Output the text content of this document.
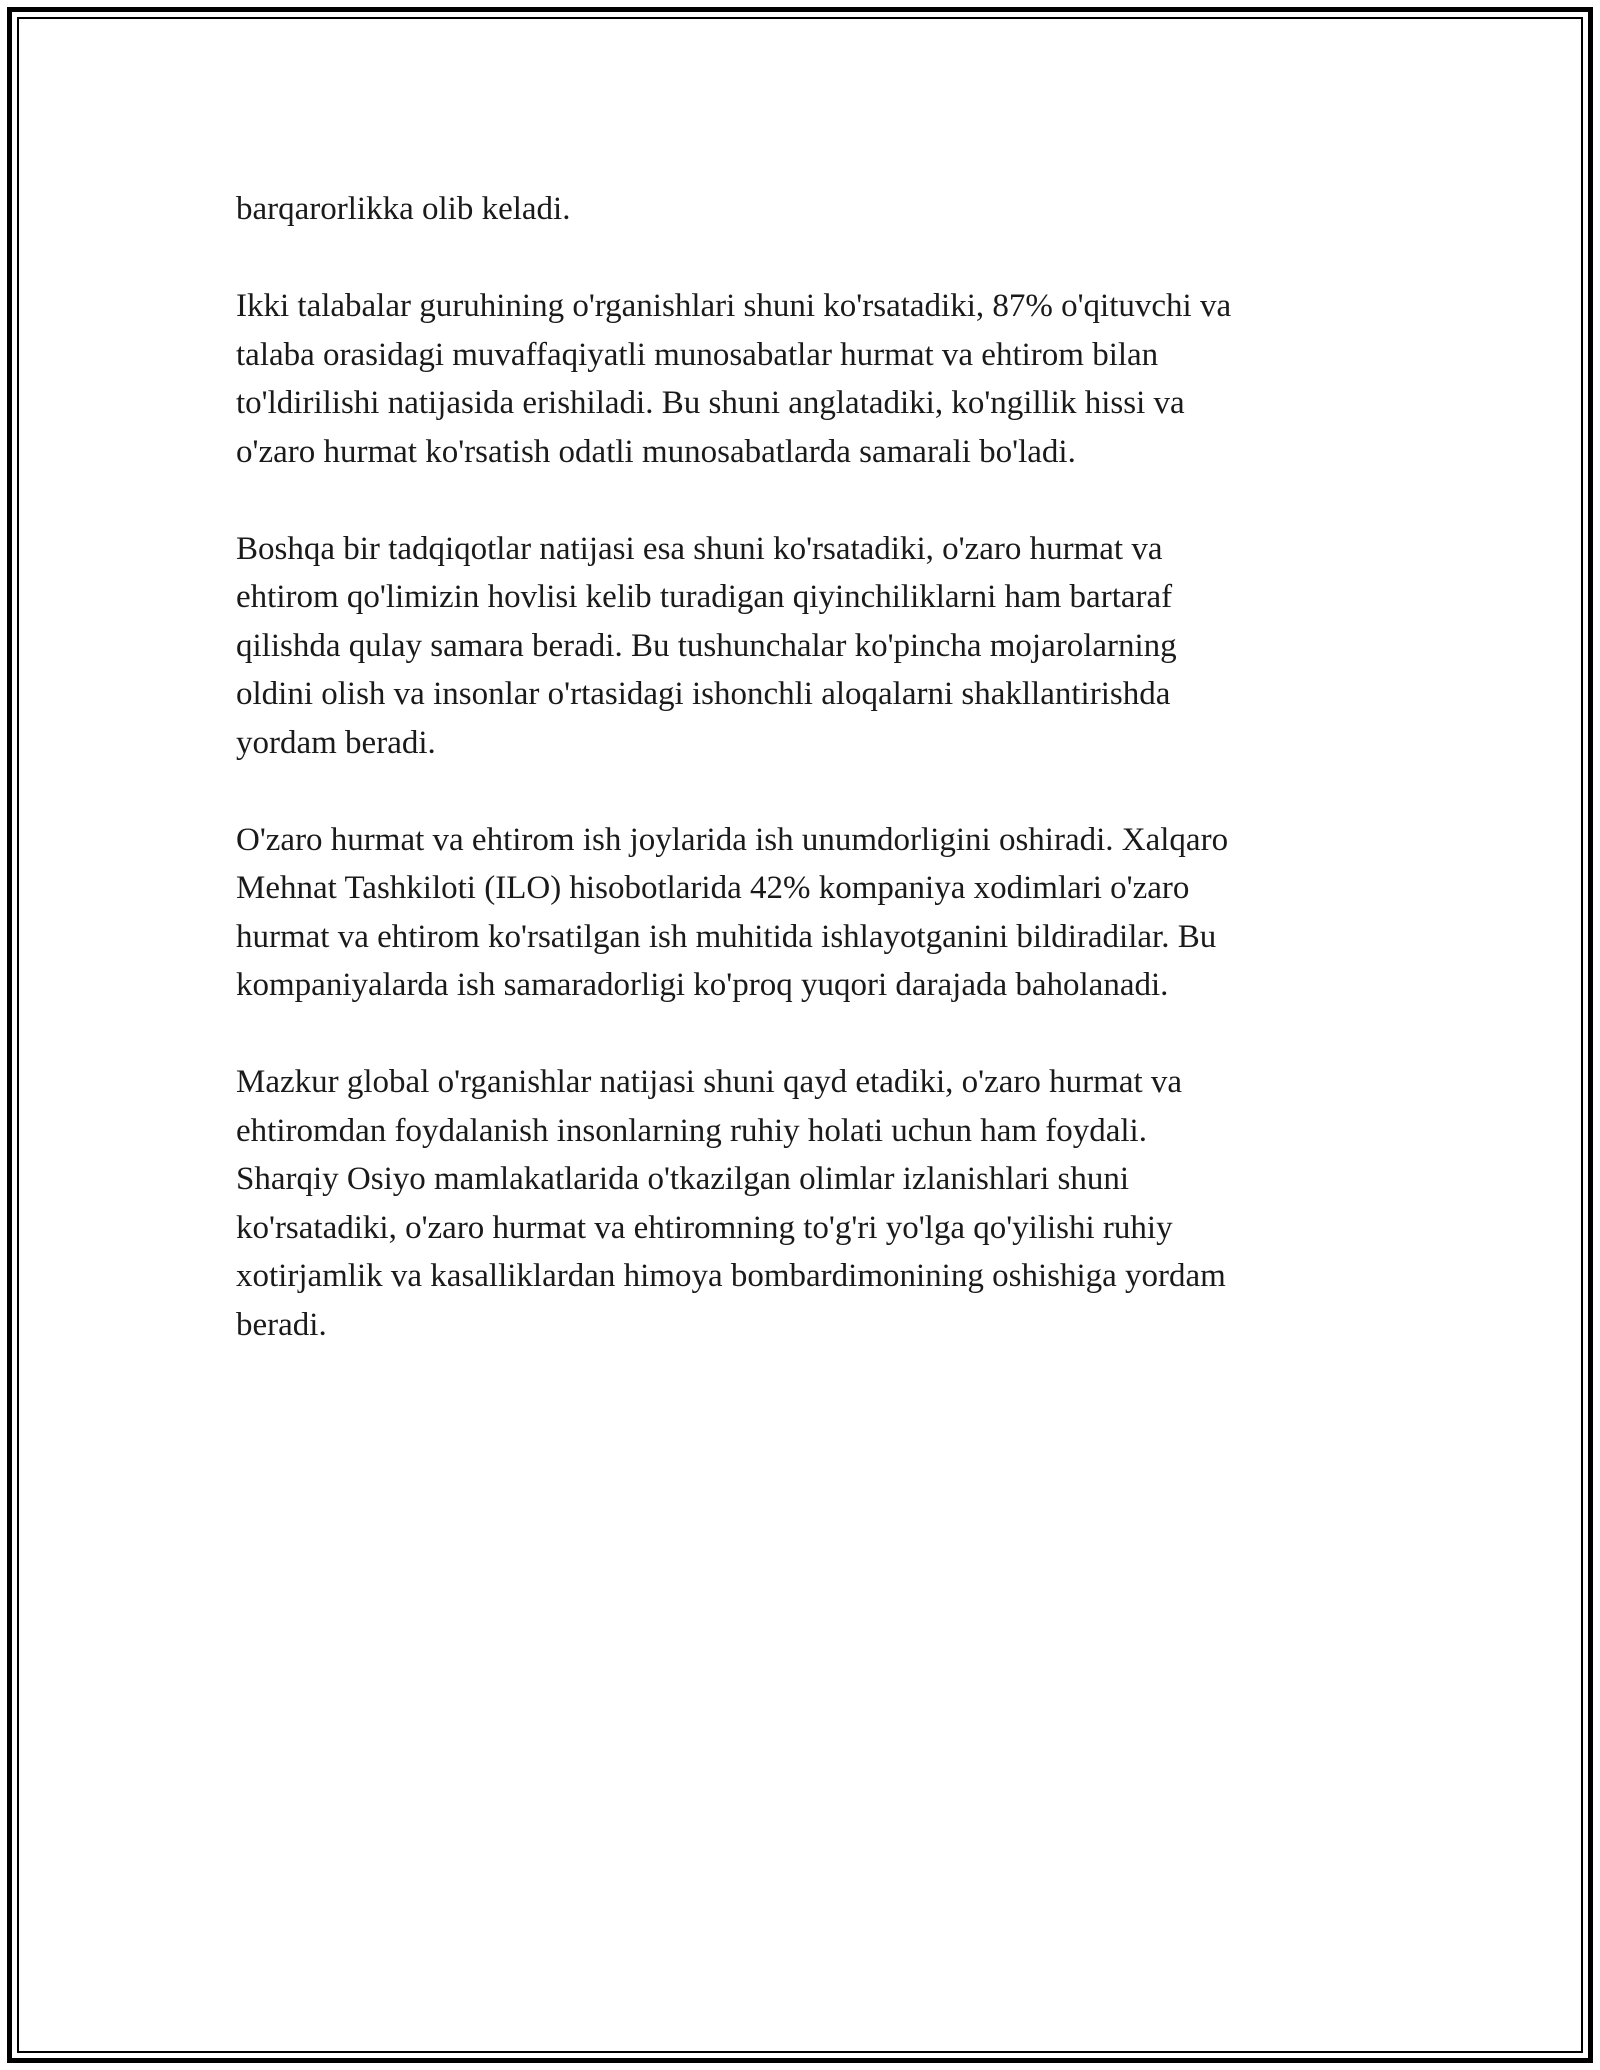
barqarorlikka olib keladi.

Ikki talabalar guruhining o'rganishlari shuni ko'rsatadiki, 87% o'qituvchi va
talaba orasidagi muvaffaqiyatli munosabatlar hurmat va ehtirom bilan
to'ldirilishi natijasida erishiladi. Bu shuni anglatadiki, ko'ngillik hissi va
o'zaro hurmat ko'rsatish odatli munosabatlarda samarali bo'ladi.

Boshqa bir tadqiqotlar natijasi esa shuni ko'rsatadiki, o'zaro hurmat va
ehtirom qo'limizin hovlisi kelib turadigan qiyinchiliklarni ham bartaraf
qilishda qulay samara beradi. Bu tushunchalar ko'pincha mojarolarning
oldini olish va insonlar o'rtasidagi ishonchli aloqalarni shakllantirishda
yordam beradi.

O'zaro hurmat va ehtirom ish joylarida ish unumdorligini oshiradi. Xalqaro
Mehnat Tashkiloti (ILO) hisobotlarida 42% kompaniya xodimlari o'zaro
hurmat va ehtirom ko'rsatilgan ish muhitida ishlayotganini bildiradilar. Bu
kompaniyalarda ish samaradorligi ko'proq yuqori darajada baholanadi.

Mazkur global o'rganishlar natijasi shuni qayd etadiki, o'zaro hurmat va
ehtiromdan foydalanish insonlarning ruhiy holati uchun ham foydali.
Sharqiy Osiyo mamlakatlarida o'tkazilgan olimlar izlanishlari shuni
ko'rsatadiki, o'zaro hurmat va ehtiromning to'g'ri yo'lga qo'yilishi ruhiy
xotirjamlik va kasalliklardan himoya bombardimonining oshishiga yordam
beradi.
